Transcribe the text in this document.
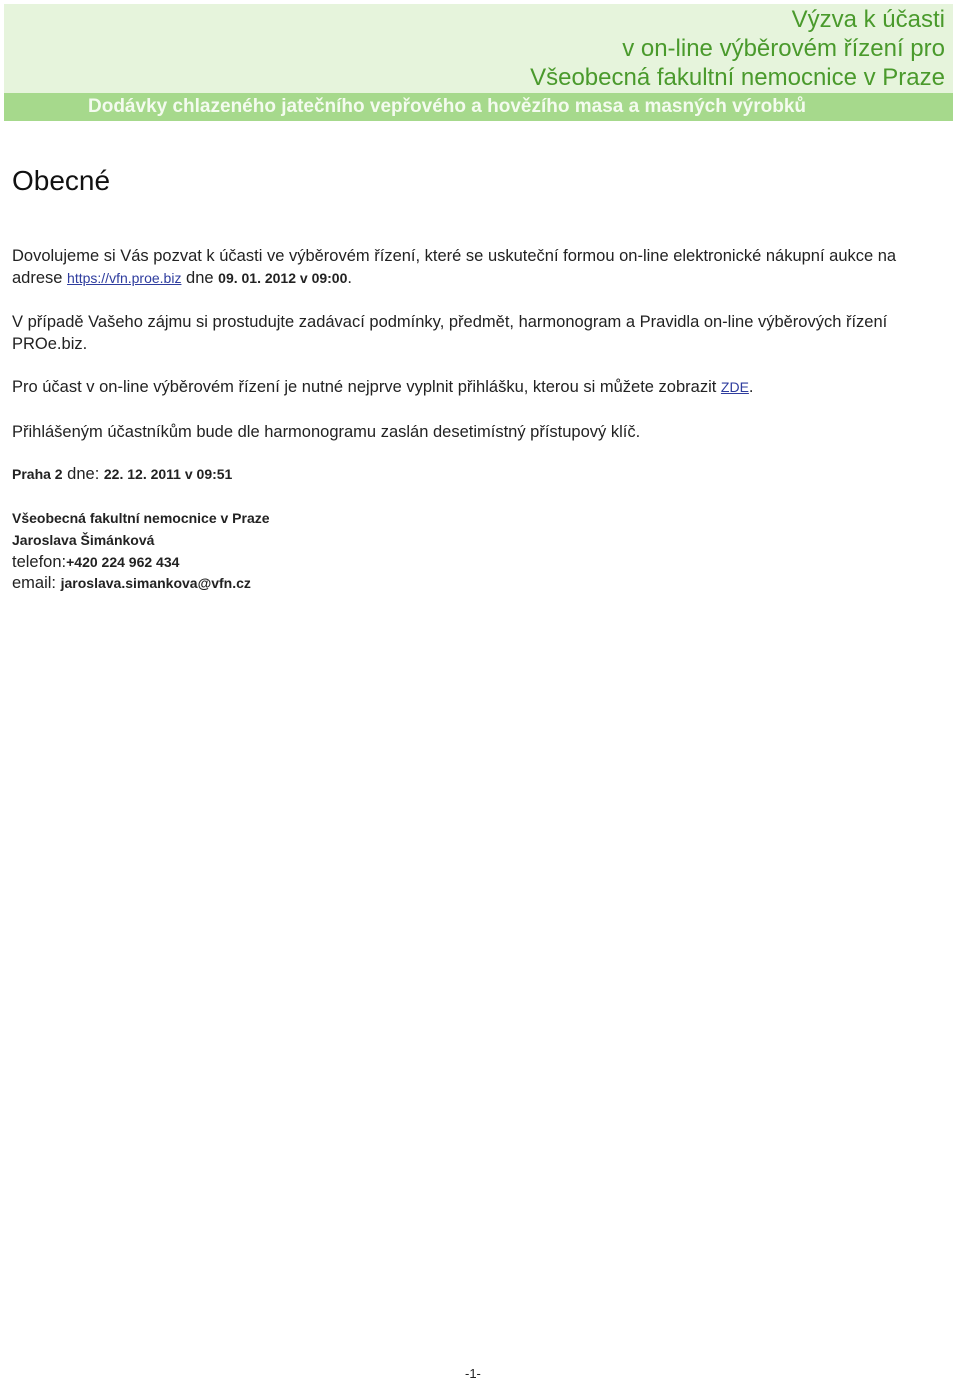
Výzva k účasti
v on-line výběrovém řízení pro
Všeobecná fakultní nemocnice v Praze
Dodávky chlazeného jatečního vepřového a hovězího masa a masných výrobků
Obecné

Dovolujeme si Vás pozvat k účasti ve výběrovém řízení, které se uskuteční formou on-line elektronické nákupní aukce na adrese https://vfn.proe.biz dne 09. 01. 2012 v 09:00.

V případě Vašeho zájmu si prostudujte zadávací podmínky, předmět, harmonogram a Pravidla on-line výběrových řízení PROe.biz.

Pro účast v on-line výběrovém řízení je nutné nejprve vyplnit přihlášku, kterou si můžete zobrazit ZDE.

Přihlášeným účastníkům bude dle harmonogramu zaslán desetimístný přístupový klíč.

Praha 2 dne: 22. 12. 2011 v 09:51
Všeobecná fakultní nemocnice v Praze
Jaroslava Šimánková
telefon:+420 224 962 434
email: jaroslava.simankova@vfn.cz
-1-
